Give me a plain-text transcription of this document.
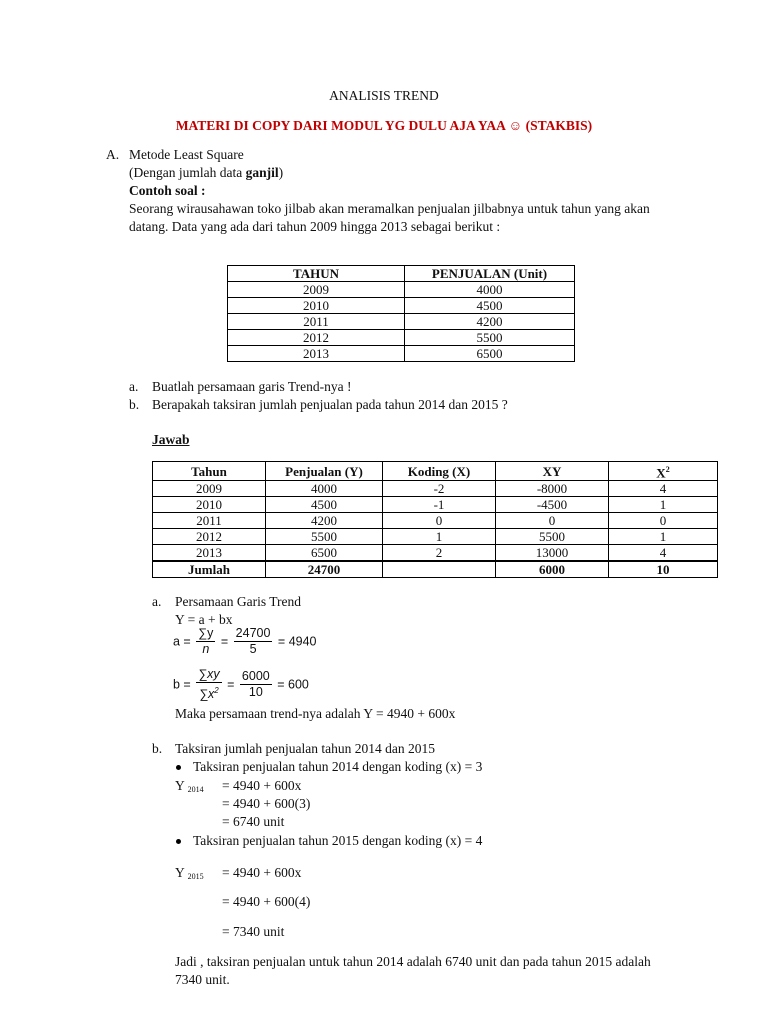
ANALISIS TREND
MATERI DI COPY DARI MODUL YG DULU AJA YAA ☺ (STAKBIS)
A. Metode Least Square
(Dengan jumlah data ganjil)
Contoh soal :
Seorang wirausahawan toko jilbab akan meramalkan penjualan jilbabnya untuk tahun yang akan
datang. Data yang ada dari tahun 2009 hingga 2013 sebagai berikut :
TAHUN	PENJUALAN (Unit)
2009	4000
2010	4500
2011	4200
2012	5500
2013	6500
a. Buatlah persamaan garis Trend-nya !
b. Berapakah taksiran jumlah penjualan pada tahun 2014 dan 2015 ?
Jawab
Tahun	Penjualan (Y)	Koding (X)	XY	$X^2$
2009	4000	-2	-8000	4
2010	4500	-1	-4500	1
2011	4200	0	0	0
2012	5500	1	5500	1
2013	6500	2	13000	4
Jumlah	24700		6000	10
a. Persamaan Garis Trend
Y = a + bx
$a = \frac{\sum y}{n} = \frac{24700}{5} = 4940$
$b = \frac{\sum xy}{\sum x^2} = \frac{6000}{10} = 600$
Maka persamaan trend-nya adalah Y = 4940 + 600x
b. Taksiran jumlah penjualan tahun 2014 dan 2015
Taksiran penjualan tahun 2014 dengan koding (x) = 3
Y $_{2014}$ = 4940 + 600x
= 4940 + 600(3)
= 6740 unit
Taksiran penjualan tahun 2015 dengan koding (x) = 4
Y $_{2015}$ = 4940 + 600x
= 4940 + 600(4)
= 7340 unit
Jadi , taksiran penjualan untuk tahun 2014 adalah 6740 unit dan pada tahun 2015 adalah
7340 unit.
